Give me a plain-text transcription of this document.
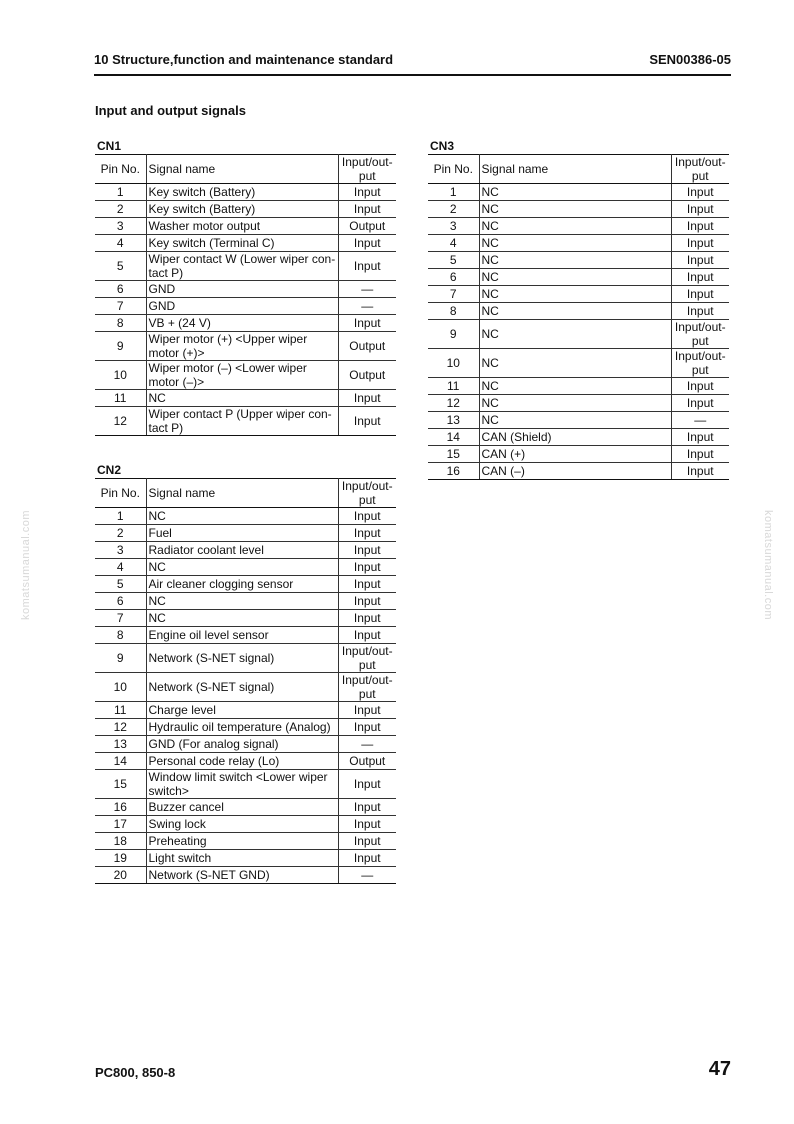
10 Structure,function and maintenance standard	SEN00386-05
Input and output signals
CN1
Pin No.	Signal name	Input/out-
put

1	Key switch (Battery)	Input

2	Key switch (Battery)	Input

3	Washer motor output	Output

4	Key switch (Terminal C)	Input

5	Wiper contact W (Lower wiper con-
tact P)	Input

6	GND	—

7	GND	—

8	VB + (24 V)	Input

9	Wiper motor (+) <Upper wiper
motor (+)>	Output

10	Wiper motor (–) <Lower wiper
motor (–)>	Output

11	NC	Input

12	Wiper contact P (Upper wiper con-
tact P)	Input
CN2
Pin No.	Signal name	Input/out-
put

1	NC	Input

2	Fuel	Input

3	Radiator coolant level	Input

4	NC	Input

5	Air cleaner clogging sensor	Input

6	NC	Input

7	NC	Input

8	Engine oil level sensor	Input

9	Network (S-NET signal)	Input/out-
put

10	Network (S-NET signal)	Input/out-
put

11	Charge level	Input

12	Hydraulic oil temperature (Analog)	Input

13	GND (For analog signal)	—

14	Personal code relay (Lo)	Output

15	Window limit switch <Lower wiper
switch>	Input

16	Buzzer cancel	Input

17	Swing lock	Input

18	Preheating	Input

19	Light switch	Input

20	Network (S-NET GND)	—
CN3
Pin No.	Signal name	Input/out-
put

1	NC	Input

2	NC	Input

3	NC	Input

4	NC	Input

5	NC	Input

6	NC	Input

7	NC	Input

8	NC	Input

9	NC	Input/out-
put

10	NC	Input/out-
put

11	NC	Input

12	NC	Input

13	NC	—

14	CAN (Shield)	Input

15	CAN (+)	Input

16	CAN (–)	Input
komatsumanual.com	komatsumanual.com
PC800, 850-8	47
